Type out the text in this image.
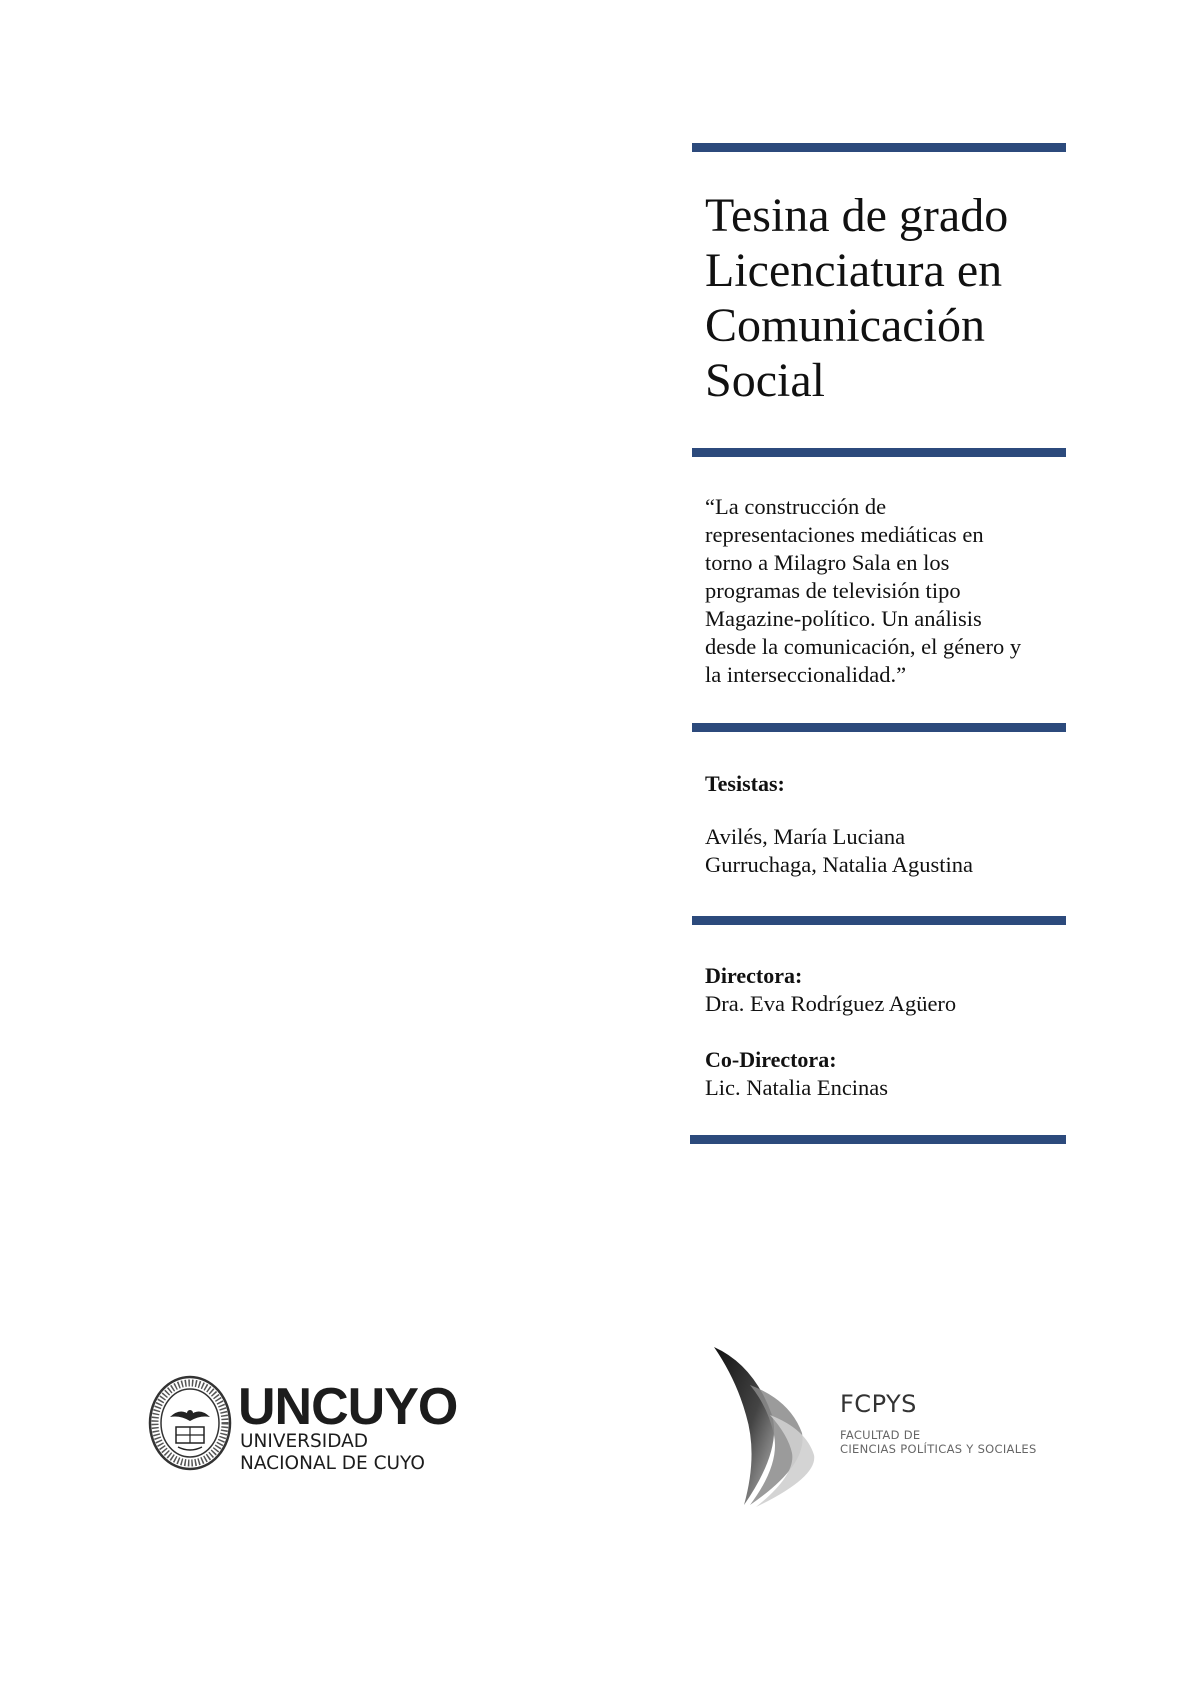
Tesina de grado
Licenciatura en
Comunicación
Social

“La construcción de
representaciones mediáticas en
torno a Milagro Sala en los
programas de televisión tipo
Magazine-político. Un análisis
desde la comunicación, el género y
la interseccionalidad.”

Tesistas:

Avilés, María Luciana

Gurruchaga, Natalia Agustina

Directora:

Dra. Eva Rodríguez Agüero

Co-Directora:

Lic. Natalia Encinas

UNCUYO
UNIVERSIDAD
NACIONAL DE CUYO
FCPYS
FACULTAD DE
CIENCIAS POLÍTICAS Y SOCIALES
